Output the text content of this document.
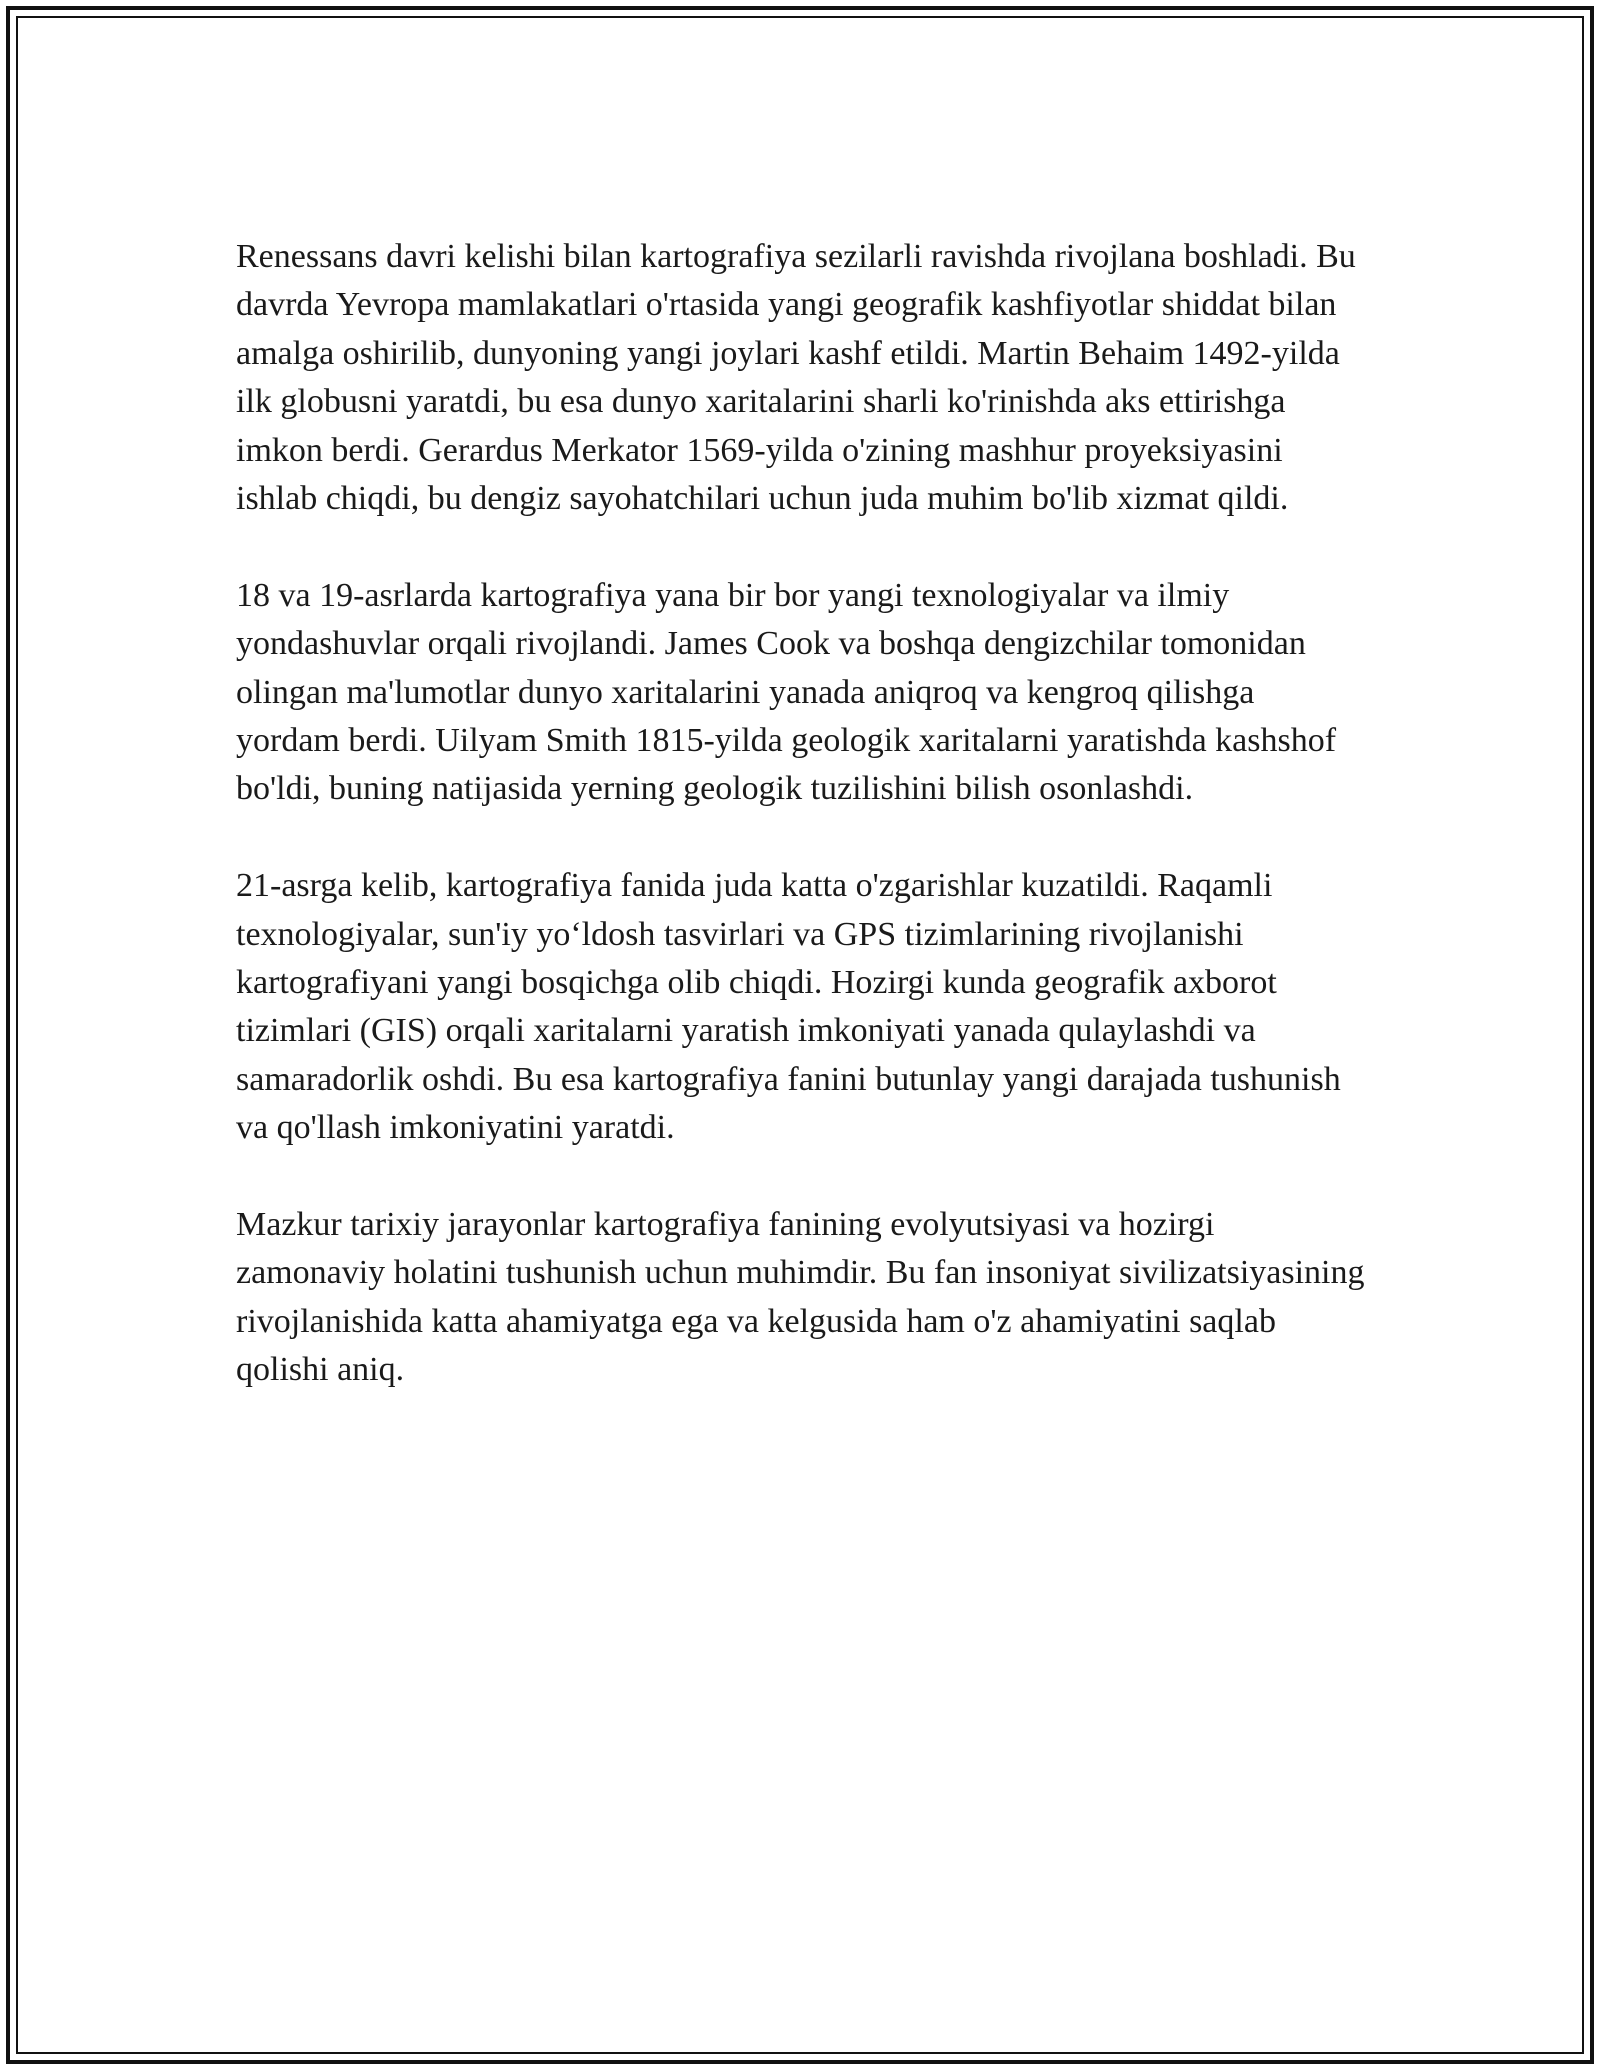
Renessans davri kelishi bilan kartografiya sezilarli ravishda rivojlana boshladi. Bu davrda Yevropa mamlakatlari o'rtasida yangi geografik kashfiyotlar shiddat bilan amalga oshirilib, dunyoning yangi joylari kashf etildi. Martin Behaim 1492-yilda ilk globusni yaratdi, bu esa dunyo xaritalarini sharli ko'rinishda aks ettirishga imkon berdi. Gerardus Merkator 1569-yilda o'zining mashhur proyeksiyasini ishlab chiqdi, bu dengiz sayohatchilari uchun juda muhim bo'lib xizmat qildi.

18 va 19-asrlarda kartografiya yana bir bor yangi texnologiyalar va ilmiy yondashuvlar orqali rivojlandi. James Cook va boshqa dengizchilar tomonidan olingan ma'lumotlar dunyo xaritalarini yanada aniqroq va kengroq qilishga yordam berdi. Uilyam Smith 1815-yilda geologik xaritalarni yaratishda kashshof bo'ldi, buning natijasida yerning geologik tuzilishini bilish osonlashdi.

21-asrga kelib, kartografiya fanida juda katta o'zgarishlar kuzatildi. Raqamli texnologiyalar, sun'iy yo‘ldosh tasvirlari va GPS tizimlarining rivojlanishi kartografiyani yangi bosqichga olib chiqdi. Hozirgi kunda geografik axborot tizimlari (GIS) orqali xaritalarni yaratish imkoniyati yanada qulaylashdi va samaradorlik oshdi. Bu esa kartografiya fanini butunlay yangi darajada tushunish va qo'llash imkoniyatini yaratdi.

Mazkur tarixiy jarayonlar kartografiya fanining evolyutsiyasi va hozirgi zamonaviy holatini tushunish uchun muhimdir. Bu fan insoniyat sivilizatsiyasining rivojlanishida katta ahamiyatga ega va kelgusida ham o'z ahamiyatini saqlab qolishi aniq.
